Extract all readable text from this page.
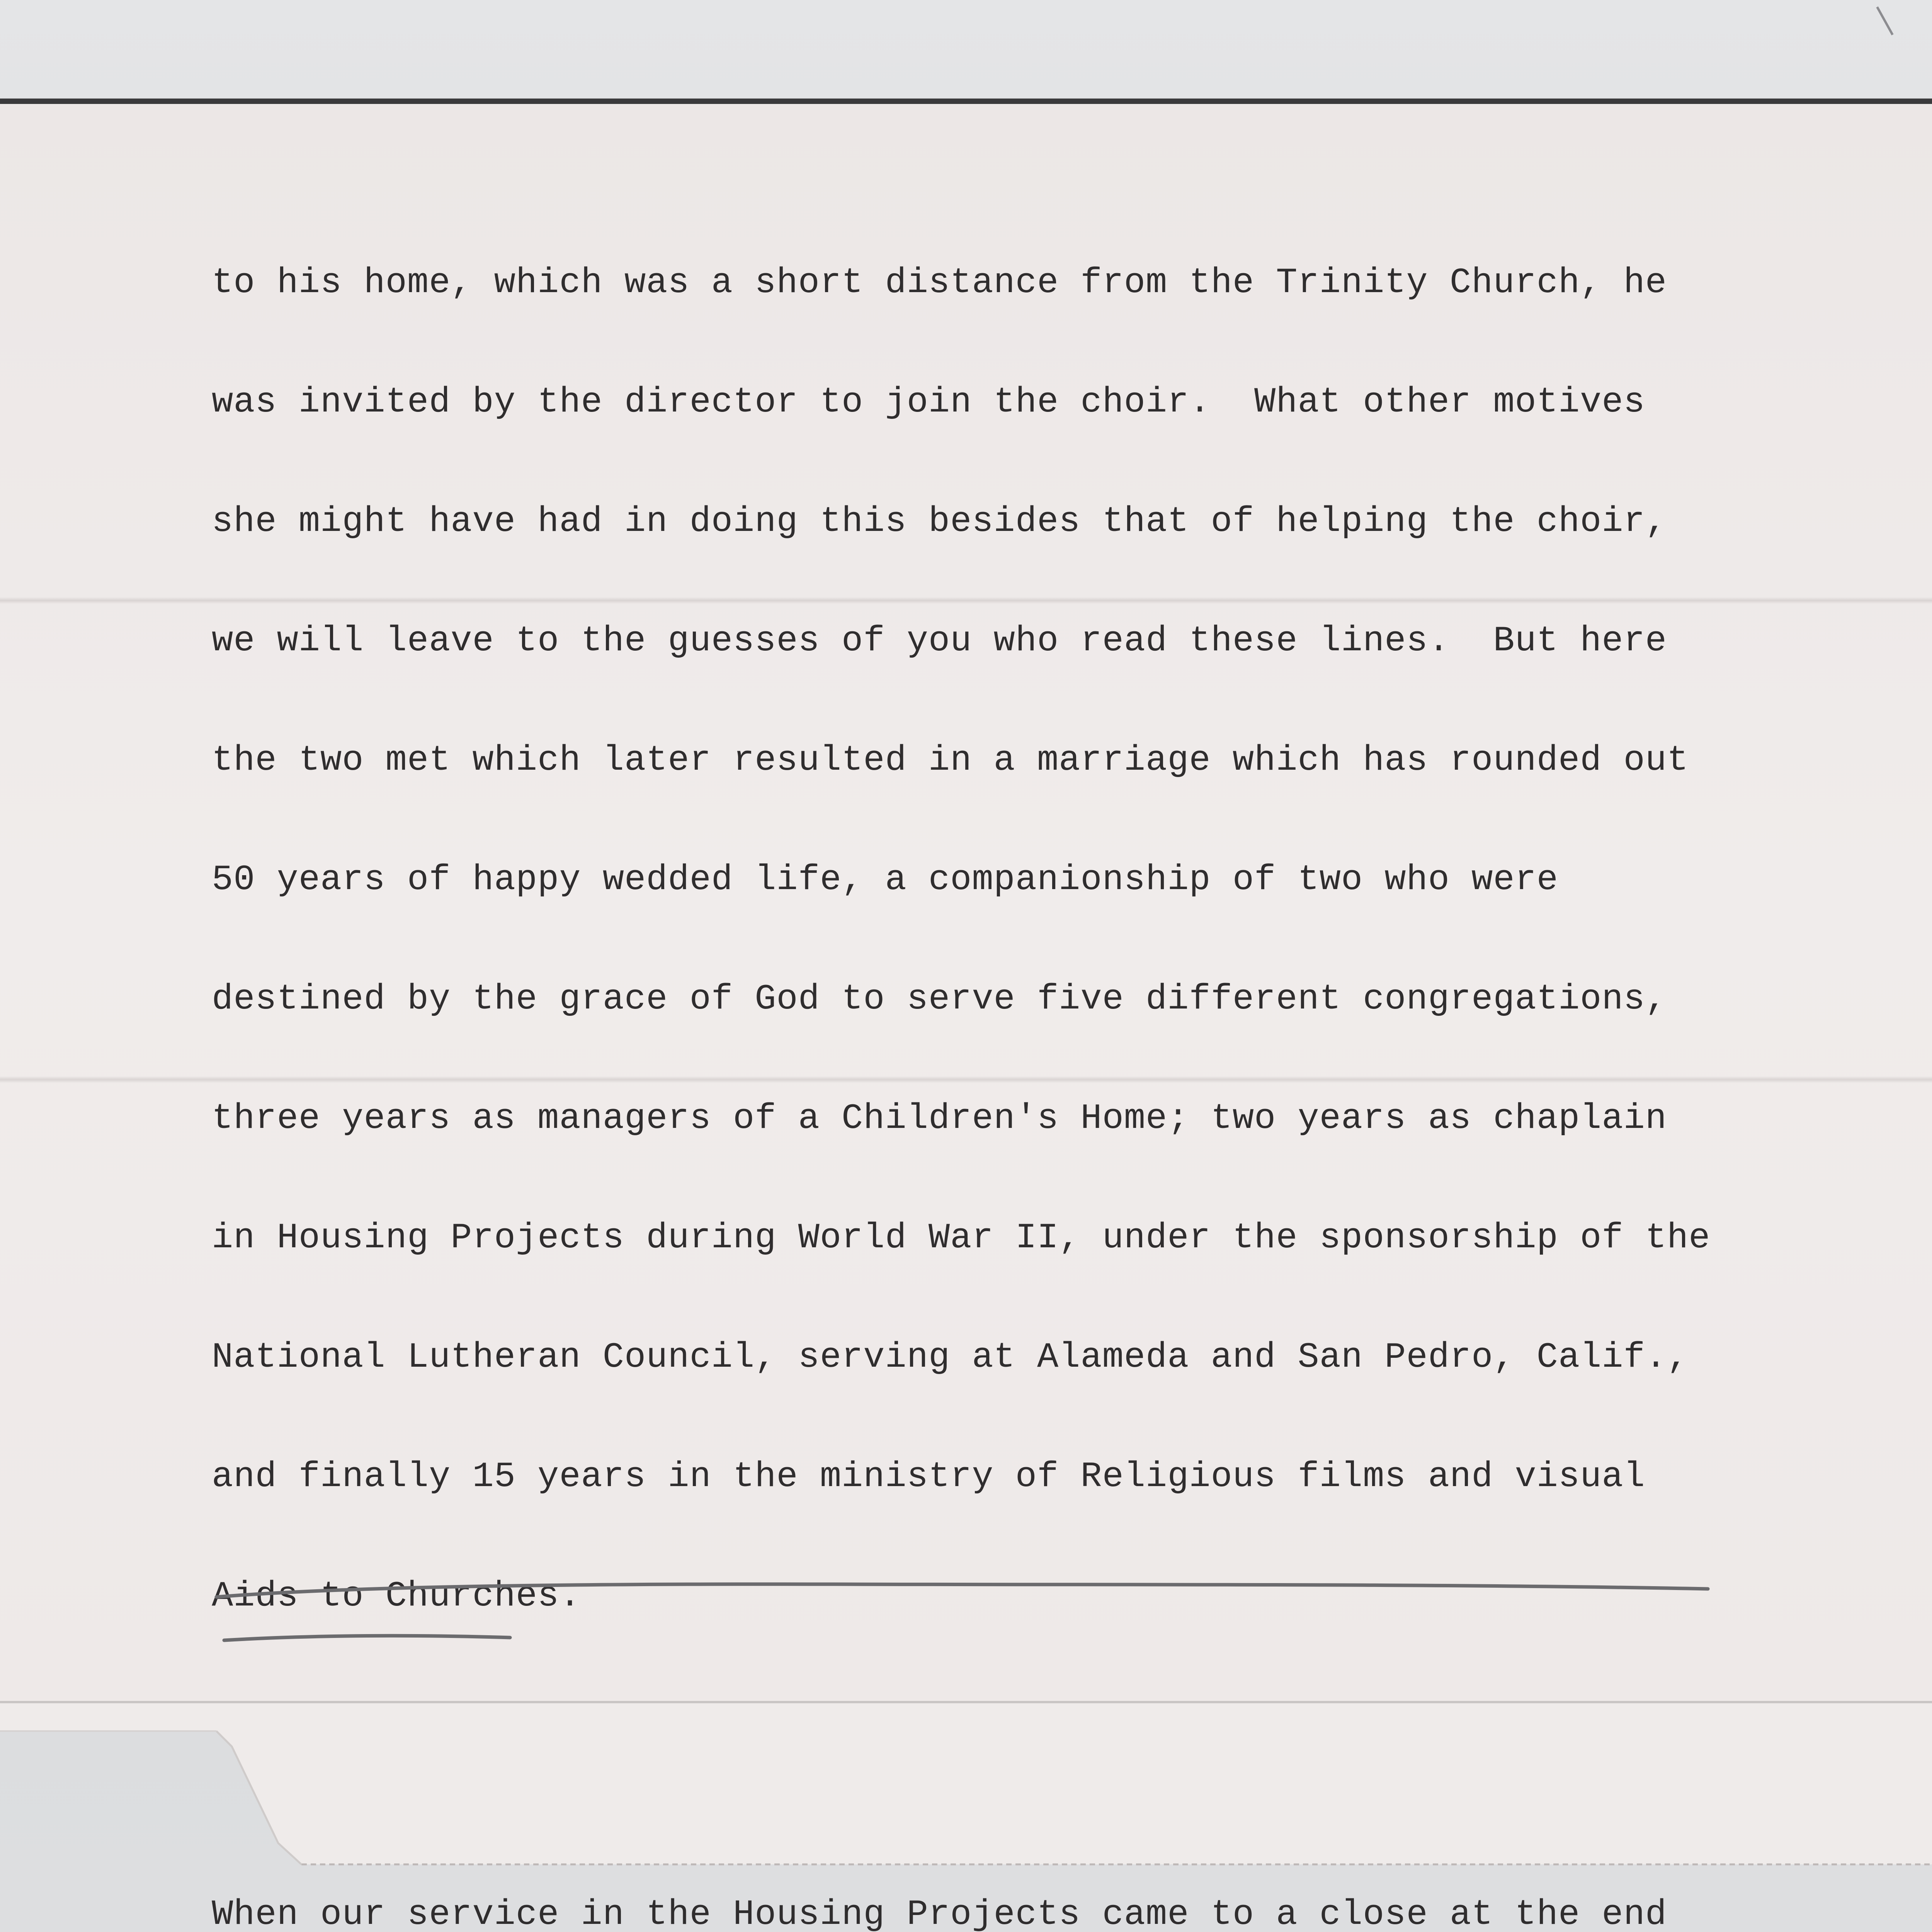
to his home, which was a short distance from the Trinity Church, he

was invited by the director to join the choir.  What other motives

she might have had in doing this besides that of helping the choir,

we will leave to the guesses of you who read these lines.  But here

the two met which later resulted in a marriage which has rounded out

50 years of happy wedded life, a companionship of two who were

destined by the grace of God to serve five different congregations,

three years as managers of a Children's Home; two years as chaplain

in Housing Projects during World War II, under the sponsorship of the

National Lutheran Council, serving at Alameda and San Pedro, Calif.,

and finally 15 years in the ministry of Religious films and visual

Aids to Churches.

When our service in the Housing Projects came to a close at the end
